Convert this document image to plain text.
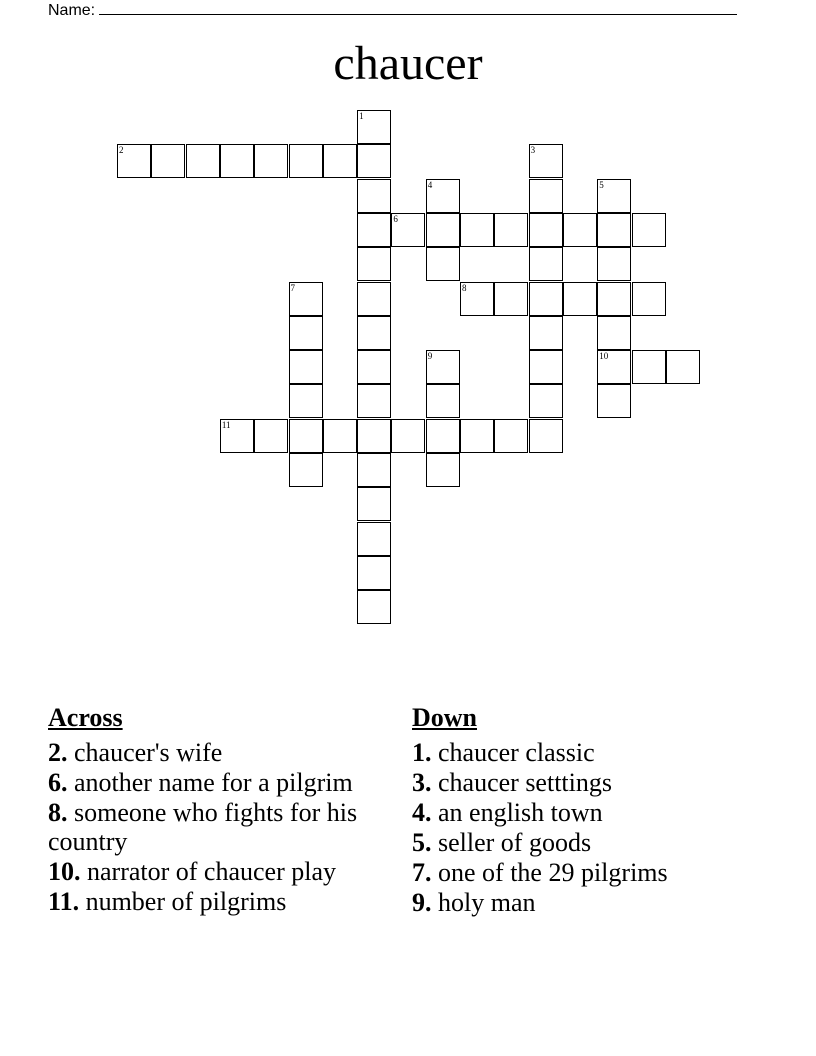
Name:
chaucer
1
2	3
4	5
6
7	8
9	10
11
Across
2. chaucer's wife
6. another name for a pilgrim
8. someone who fights for his country
10. narrator of chaucer play
11. number of pilgrims
Down
1. chaucer classic
3. chaucer setttings
4. an english town
5. seller of goods
7. one of the 29 pilgrims
9. holy man
